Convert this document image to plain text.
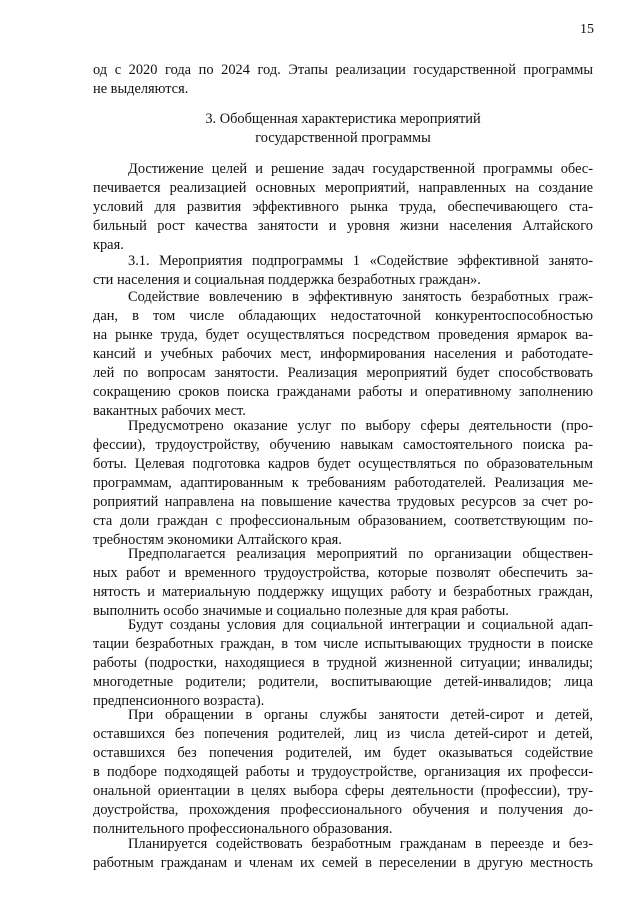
15
од с 2020 года по 2024 год. Этапы реализации государственной программы
не выделяются.
3. Обобщенная характеристика мероприятий
государственной программы
Достижение целей и решение задач государственной программы обес-
печивается реализацией основных мероприятий, направленных на создание
условий для развития эффективного рынка труда, обеспечивающего ста-
бильный рост качества занятости и уровня жизни населения Алтайского
края.
3.1. Мероприятия подпрограммы 1 «Содействие эффективной занято-
сти населения и социальная поддержка безработных граждан».
Содействие вовлечению в эффективную занятость безработных граж-
дан, в том числе обладающих недостаточной конкурентоспособностью
на рынке труда, будет осуществляться посредством проведения ярмарок ва-
кансий и учебных рабочих мест, информирования населения и работодате-
лей по вопросам занятости. Реализация мероприятий будет способствовать
сокращению сроков поиска гражданами работы и оперативному заполнению
вакантных рабочих мест.
Предусмотрено оказание услуг по выбору сферы деятельности (про-
фессии), трудоустройству, обучению навыкам самостоятельного поиска ра-
боты. Целевая подготовка кадров будет осуществляться по образовательным
программам, адаптированным к требованиям работодателей. Реализация ме-
роприятий направлена на повышение качества трудовых ресурсов за счет ро-
ста доли граждан с профессиональным образованием, соответствующим по-
требностям экономики Алтайского края.
Предполагается реализация мероприятий по организации обществен-
ных работ и временного трудоустройства, которые позволят обеспечить за-
нятость и материальную поддержку ищущих работу и безработных граждан,
выполнить особо значимые и социально полезные для края работы.
Будут созданы условия для социальной интеграции и социальной адап-
тации безработных граждан, в том числе испытывающих трудности в поиске
работы (подростки, находящиеся в трудной жизненной ситуации; инвалиды;
многодетные родители; родители, воспитывающие детей-инвалидов; лица
предпенсионного возраста).
При обращении в органы службы занятости детей-сирот и детей,
оставшихся без попечения родителей, лиц из числа детей-сирот и детей,
оставшихся без попечения родителей, им будет оказываться содействие
в подборе подходящей работы и трудоустройстве, организация их професси-
ональной ориентации в целях выбора сферы деятельности (профессии), тру-
доустройства, прохождения профессионального обучения и получения до-
полнительного профессионального образования.
Планируется содействовать безработным гражданам в переезде и без-
работным гражданам и членам их семей в переселении в другую местность
